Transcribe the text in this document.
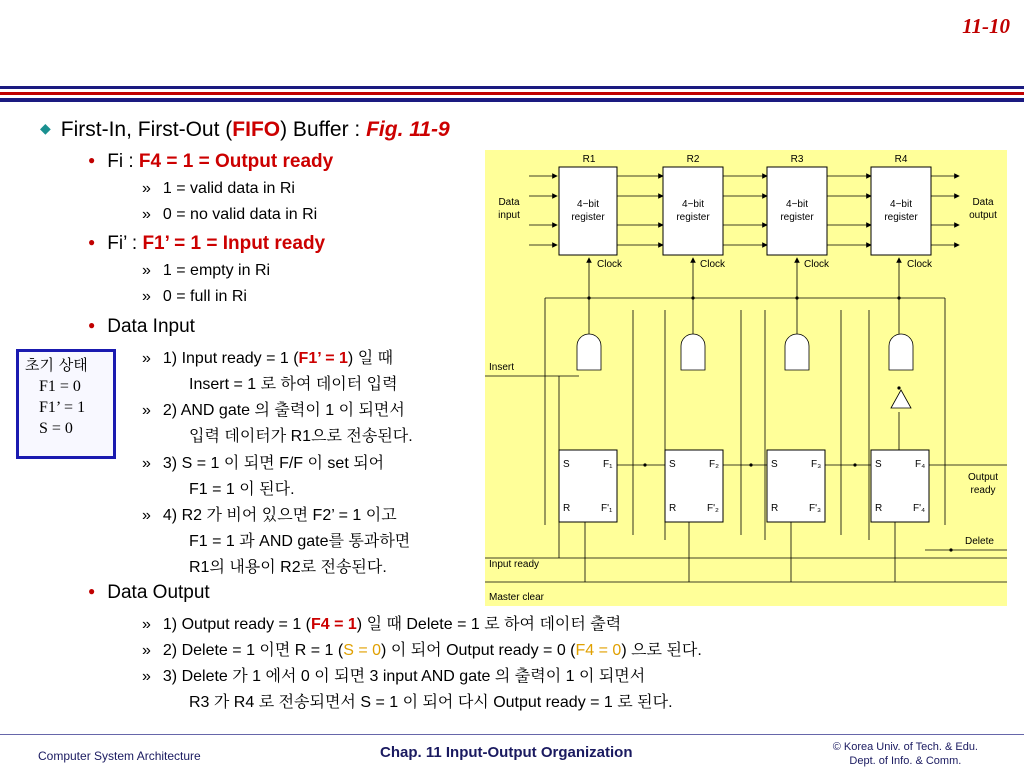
11-10
◆ First-In, First-Out (FIFO) Buffer : Fig. 11-9
● Fi : F4 = 1 = Output ready
» 1 = valid data in Ri
» 0 = no valid data in Ri
● Fi’ : F1’ = 1 = Input ready
» 1 = empty in Ri
» 0 = full in Ri
● Data Input
» 1) Input ready = 1 (F1’ = 1) 일 때
Insert = 1 로 하여 데이터 입력
» 2) AND gate 의 출력이 1 이 되면서
입력 데이터가 R1으로 전송된다.
» 3) S = 1 이 되면 F/F 이 set 되어
F1 = 1 이 된다.
» 4) R2 가 비어 있으면 F2’ = 1 이고
F1 = 1 과 AND gate를 통과하면
R1의 내용이 R2로 전송된다.
● Data Output
» 1) Output ready = 1 (F4 = 1) 일 때 Delete = 1 로 하여 데이터 출력
» 2) Delete = 1 이면 R = 1 (S = 0) 이 되어 Output ready = 0 (F4 = 0) 으로 된다.
» 3) Delete 가 1 에서 0 이 되면 3 input AND gate 의 출력이 1 이 되면서
R3 가 R4 로 전송되면서 S = 1 이 되어 다시 Output ready = 1 로 된다.
초기 상태
F1 = 0
F1’ = 1
S = 0
R1	R2	R3	R4
4−bit
register
4−bit
register
4−bit
register
4−bit
register
Data
input
Data
output
Output
ready
Clock	Clock	Clock	Clock
Insert
Delete
Input ready
Master clear
S	F₁
R	F'₁
S	F₂
R	F'₂
S	F₃
R	F'₃
S	F₄
R	F'₄
Computer System Architecture	Chap. 11 Input-Output Organization	© Korea Univ. of Tech. & Edu.
Dept. of Info. & Comm.
